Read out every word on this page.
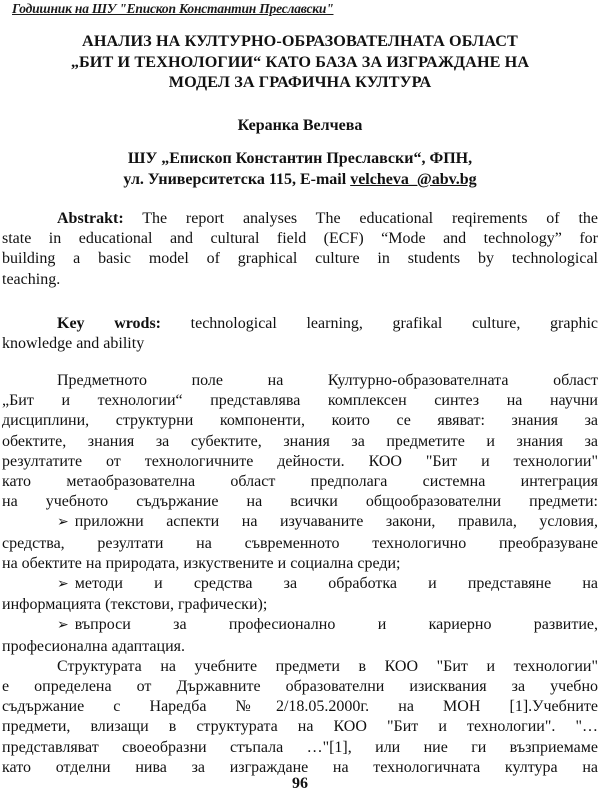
Годишник на ШУ "Епископ Константин Преславски"
АНАЛИЗ НА КУЛТУРНО-ОБРАЗОВАТЕЛНАТА ОБЛАСТ
„БИТ И ТЕХНОЛОГИИ“ КАТО БАЗА ЗА ИЗГРАЖДАНЕ НА
МОДЕЛ ЗА ГРАФИЧНА КУЛТУРА
Керанка Велчева
ШУ „Епископ Константин Преславски“, ФПН,
ул. Университетска 115, E-mail velcheva_@abv.bg
Abstrakt: The report analyses The educational reqirements of the
state in educational and cultural field (ECF) “Mode and technology” for
building a basic model of graphical culture in students by technological
teaching.
Key wrods: technological learning, grafikal culture, graphic
knowledge and ability
Предметното поле на Културно-образователната област
„Бит и технологии“ представлява комплексен синтез на научни
дисциплини, структурни компоненти, които се явяват: знания за
обектите, знания за субектите, знания за предметите и знания за
резултатите от технологичните дейности. КОО "Бит и технологии"
като метаобразователна област предполага системна интеграция
на учебното съдържание на всички общообразователни предмети:
➢ приложни аспекти на изучаваните закони, правила, условия,
средства, резултати на съвременното технологично преобразуване
на обектите на природата, изкуствените и социална среди;
➢ методи и средства за обработка и представяне на
информацията (текстови, графически);
➢ въпроси за професионално и кариерно развитие,
професионална адаптация.
Структурата на учебните предмети в КОО "Бит и технологии"
е определена от Държавните образователни изисквания за учебно
съдържание с Наредба №2/18.05.2000г. на МОН [1].Учебните
предмети, влизащи в структурата на КОО "Бит и технологии". "…
представляват своеобразни стъпала …"[1], или ние ги възприемаме
като отделни нива за изграждане на технологичната култура на
96
